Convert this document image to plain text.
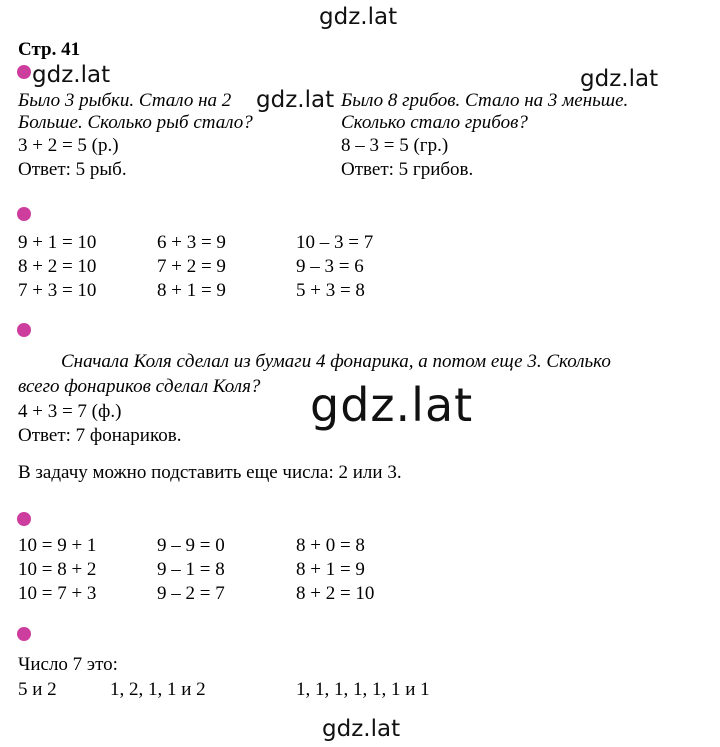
gdz.lat
gdz.lat	gdz.lat
gdz.lat
gdz.lat
gdz.lat
Стр. 41
Было 3 рыбки. Стало на 2
Больше. Сколько рыб стало?
3 + 2 = 5 (р.)
Ответ: 5 рыб.
Было 8 грибов. Стало на 3 меньше.
Сколько стало грибов?
8 – 3 = 5 (гр.)
Ответ: 5 грибов.
9 + 1 = 10	6 + 3 = 9	10 – 3 = 7
8 + 2 = 10	7 + 2 = 9	9 – 3 = 6
7 + 3 = 10	8 + 1 = 9	5 + 3 = 8
Сначала Коля сделал из бумаги 4 фонарика, а потом еще 3. Сколько
всего фонариков сделал Коля?
4 + 3 = 7 (ф.)
Ответ: 7 фонариков.
В задачу можно подставить еще числа: 2 или 3.
10 = 9 + 1	9 – 9 = 0	8 + 0 = 8
10 = 8 + 2	9 – 1 = 8	8 + 1 = 9
10 = 7 + 3	9 – 2 = 7	8 + 2 = 10
Число 7 это:
5 и 2	1, 2, 1, 1 и 2	1, 1, 1, 1, 1, 1 и 1
